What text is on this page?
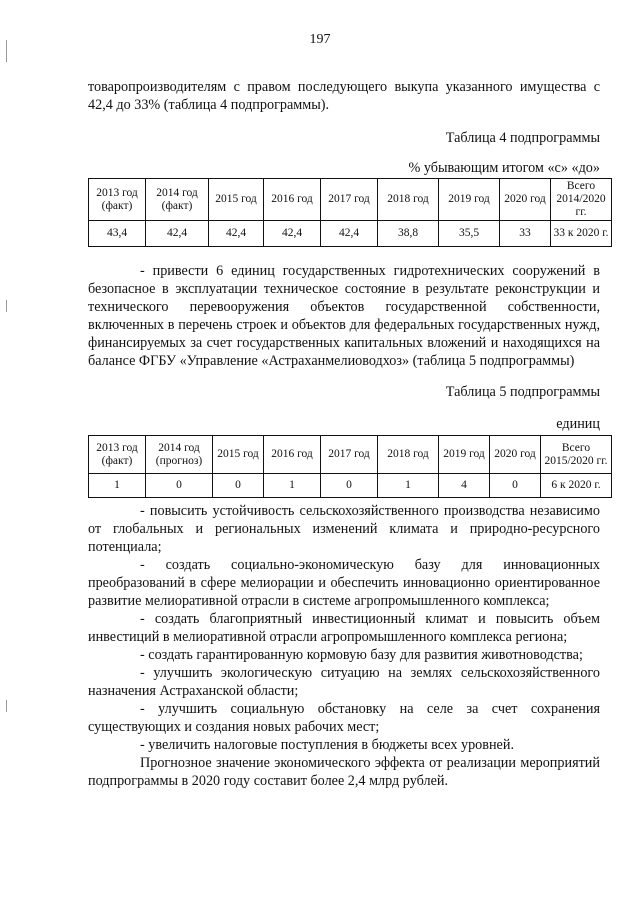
197

товаропроизводителям с правом последующего выкупа указанного имущества с 42,4 до 33% (таблица 4 подпрограммы).

Таблица 4 подпрограммы
% убывающим итогом «с» «до»
2013 год (факт)	2014 год (факт)	2015 год	2016 год	2017 год	2018 год	2019 год	2020 год	Всего 2014/2020 гг.
43,4	42,4	42,4	42,4	42,4	38,8	35,5	33	33 к 2020 г.

- привести 6 единиц государственных гидротехнических сооружений в безопасное в эксплуатации техническое состояние в результате реконструкции и технического перевооружения объектов государственной собственности, включенных в перечень строек и объектов для федеральных государственных нужд, финансируемых за счет государственных капитальных вложений и находящихся на балансе ФГБУ «Управление «Астраханмелиоводхоз» (таблица 5 подпрограммы)

Таблица 5 подпрограммы
единиц
2013 год (факт)	2014 год (прогноз)	2015 год	2016 год	2017 год	2018 год	2019 год	2020 год	Всего 2015/2020 гг.
1	0	0	1	0	1	4	0	6 к 2020 г.

- повысить устойчивость сельскохозяйственного производства независимо от глобальных и региональных изменений климата и природно-ресурсного потенциала;

- создать социально-экономическую базу для инновационных преобразований в сфере мелиорации и обеспечить инновационно ориентированное развитие мелиоративной отрасли в системе агропромышленного комплекса;

- создать благоприятный инвестиционный климат и повысить объем инвестиций в мелиоративной отрасли агропромышленного комплекса региона;

- создать гарантированную кормовую базу для развития животноводства;

- улучшить экологическую ситуацию на землях сельскохозяйственного назначения Астраханской области;

- улучшить социальную обстановку на селе за счет сохранения существующих и создания новых рабочих мест;

- увеличить налоговые поступления в бюджеты всех уровней.

Прогнозное значение экономического эффекта от реализации мероприятий подпрограммы в 2020 году составит более 2,4 млрд рублей.
